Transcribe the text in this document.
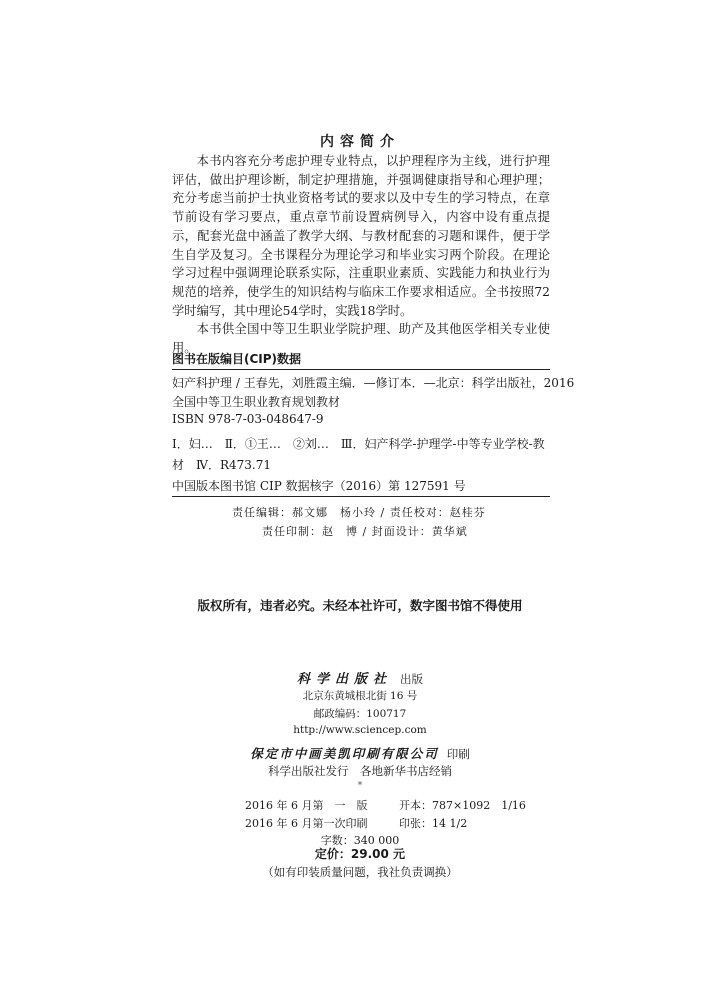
内容简介

本书内容充分考虑护理专业特点，以护理程序为主线，进行护理评估，做出护理诊断，制定护理措施，并强调健康指导和心理护理；充分考虑当前护士执业资格考试的要求以及中专生的学习特点，在章节前设有学习要点，重点章节前设置病例导入，内容中设有重点提示，配套光盘中涵盖了教学大纲、与教材配套的习题和课件，便于学生自学及复习。全书课程分为理论学习和毕业实习两个阶段。在理论学习过程中强调理论联系实际，注重职业素质、实践能力和执业行为规范的培养，使学生的知识结构与临床工作要求相适应。全书按照72学时编写，其中理论54学时，实践18学时。

本书供全国中等卫生职业学院护理、助产及其他医学相关专业使用。

图书在版编目(CIP)数据
妇产科护理 / 王春先，刘胜霞主编．—修订本．—北京：科学出版社，2016
全国中等卫生职业教育规划教材
ISBN 978-7-03-048647-9
Ⅰ．妇…　Ⅱ．①王…　②刘…　Ⅲ．妇产科学-护理学-中等专业学校-教
材　Ⅳ．R473.71
中国版本图书馆 CIP 数据核字（2016）第 127591 号
责任编辑：郝文娜　杨小玲 / 责任校对：赵桂芬
责任印制：赵　博 / 封面设计：黄华斌
版权所有，违者必究。未经本社许可，数字图书馆不得使用
科学出版社 出版
北京东黄城根北街 16 号
邮政编码：100717
http://www.sciencep.com
保定市中画美凯印刷有限公司 印刷
科学出版社发行　各地新华书店经销
*
2016 年 6 月第　一　版	开本：787×1092　1/16
2016 年 6 月第一次印刷	印张：14 1/2
字数：340 000
定价：29.00 元
（如有印装质量问题，我社负责调换）
